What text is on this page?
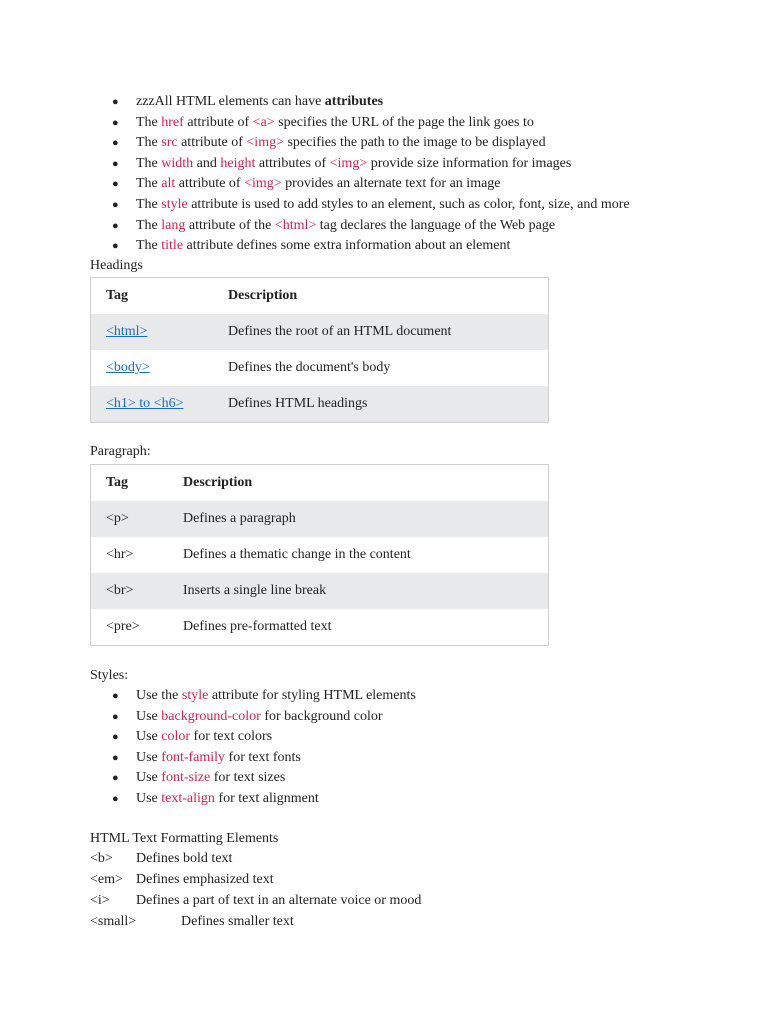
● zzzAll HTML elements can have attributes
● The href attribute of <a> specifies the URL of the page the link goes to
● The src attribute of <img> specifies the path to the image to be displayed
● The width and height attributes of <img> provide size information for images
● The alt attribute of <img> provides an alternate text for an image
● The style attribute is used to add styles to an element, such as color, font, size, and more
● The lang attribute of the <html> tag declares the language of the Web page
● The title attribute defines some extra information about an element
Headings
Tag	Description
<html>	Defines the root of an HTML document
<body>	Defines the document's body
<h1> to <h6>	Defines HTML headings
Paragraph:
Tag	Description
<p>	Defines a paragraph
<hr>	Defines a thematic change in the content
<br>	Inserts a single line break
<pre>	Defines pre-formatted text
Styles:
● Use the style attribute for styling HTML elements
● Use background-color for background color
● Use color for text colors
● Use font-family for text fonts
● Use font-size for text sizes
● Use text-align for text alignment
HTML Text Formatting Elements
<b> Defines bold text
<em> Defines emphasized text
<i> Defines a part of text in an alternate voice or mood
<small>	Defines smaller text
